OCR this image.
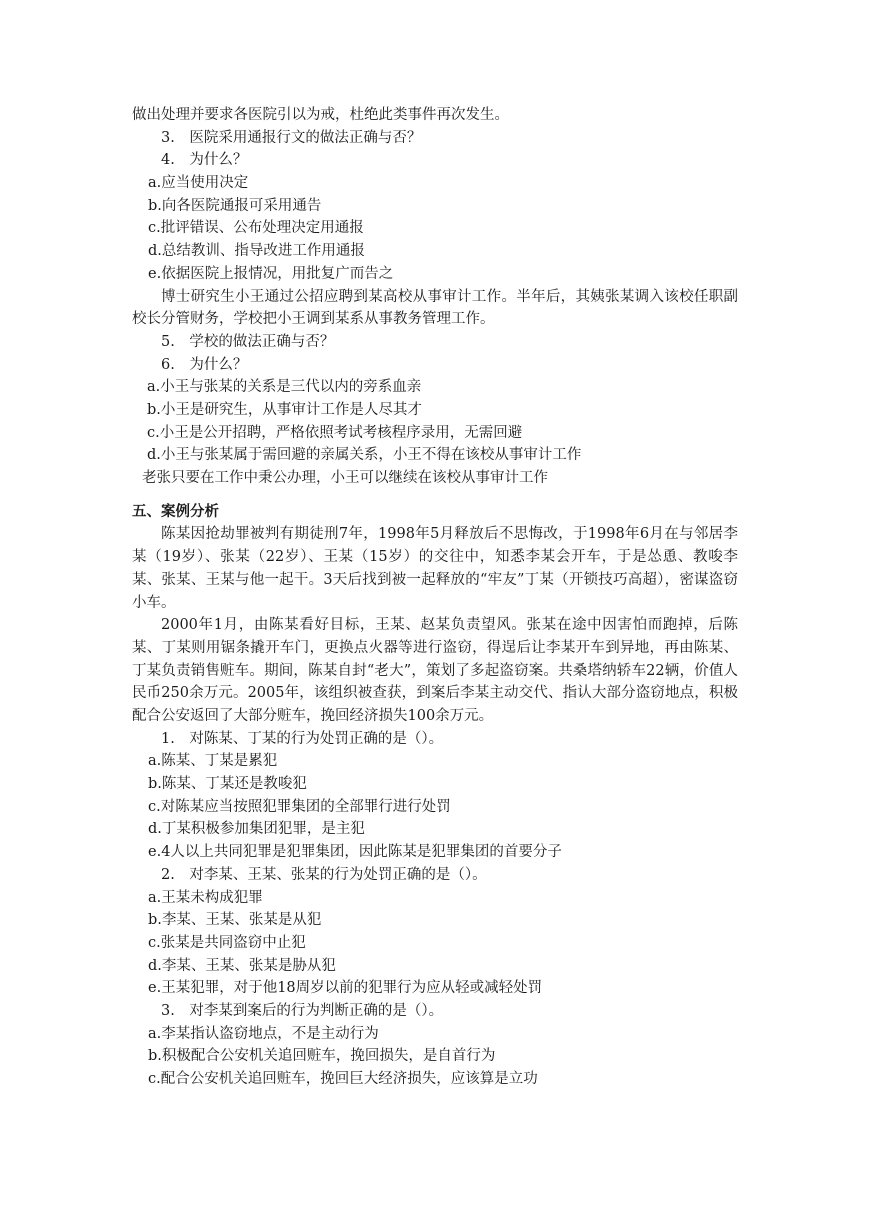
做出处理并要求各医院引以为戒，杜绝此类事件再次发生。
3.　医院采用通报行文的做法正确与否？
4.　为什么？
a.应当使用决定
b.向各医院通报可采用通告
c.批评错误、公布处理决定用通报
d.总结教训、指导改进工作用通报
e.依据医院上报情况，用批复广而告之
博士研究生小王通过公招应聘到某高校从事审计工作。半年后，其姨张某调入该校任职副校长分管财务，学校把小王调到某系从事教务管理工作。
5.　学校的做法正确与否？
6.　为什么？
a.小王与张某的关系是三代以内的旁系血亲
b.小王是研究生，从事审计工作是人尽其才
c.小王是公开招聘，严格依照考试考核程序录用，无需回避
d.小王与张某属于需回避的亲属关系，小王不得在该校从事审计工作
老张只要在工作中秉公办理，小王可以继续在该校从事审计工作
五、案例分析
陈某因抢劫罪被判有期徒刑7年，1998年5月释放后不思悔改，于1998年6月在与邻居李某（19岁）、张某（22岁）、王某（15岁）的交往中，知悉李某会开车，于是怂恿、教唆李某、张某、王某与他一起干。3天后找到被一起释放的“牢友”丁某（开锁技巧高超），密谋盗窃小车。
2000年1月，由陈某看好目标，王某、赵某负责望风。张某在途中因害怕而跑掉，后陈某、丁某则用锯条撬开车门，更换点火器等进行盗窃，得逞后让李某开车到异地，再由陈某、丁某负责销售赃车。期间，陈某自封“老大”，策划了多起盗窃案。共桑塔纳轿车22辆，价值人民币250余万元。2005年，该组织被查获，到案后李某主动交代、指认大部分盗窃地点，积极配合公安返回了大部分赃车，挽回经济损失100余万元。
1.　对陈某、丁某的行为处罚正确的是（）。
a.陈某、丁某是累犯
b.陈某、丁某还是教唆犯
c.对陈某应当按照犯罪集团的全部罪行进行处罚
d.丁某积极参加集团犯罪，是主犯
e.4人以上共同犯罪是犯罪集团，因此陈某是犯罪集团的首要分子
2.　对李某、王某、张某的行为处罚正确的是（）。
a.王某未构成犯罪
b.李某、王某、张某是从犯
c.张某是共同盗窃中止犯
d.李某、王某、张某是胁从犯
e.王某犯罪，对于他18周岁以前的犯罪行为应从轻或减轻处罚
3.　对李某到案后的行为判断正确的是（）。
a.李某指认盗窃地点，不是主动行为
b.积极配合公安机关追回赃车，挽回损失，是自首行为
c.配合公安机关追回赃车，挽回巨大经济损失，应该算是立功
